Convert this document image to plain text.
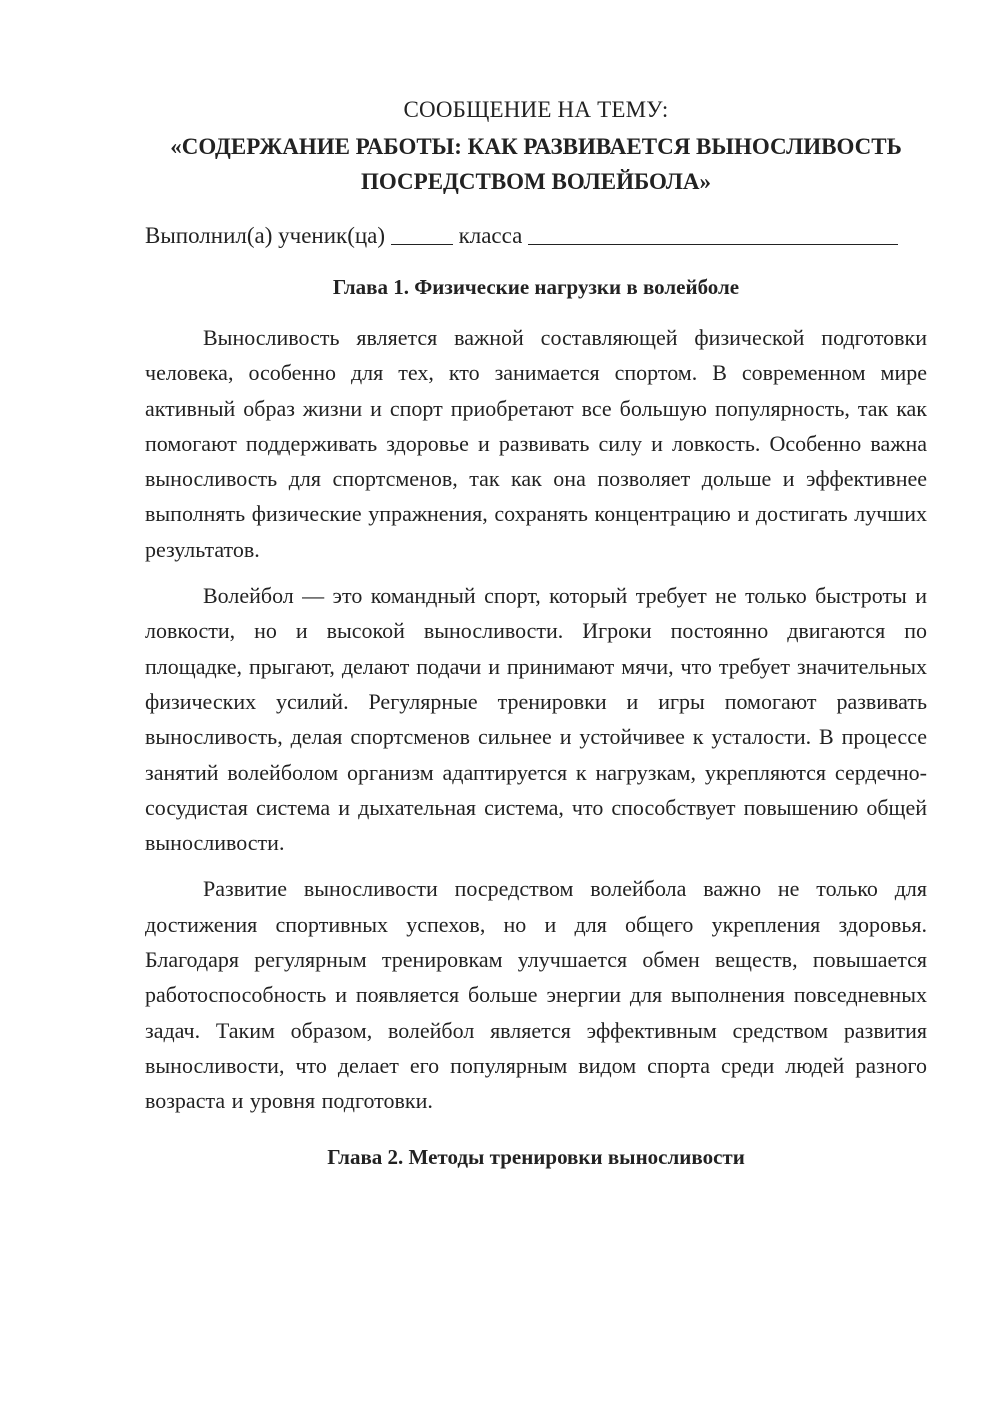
СООБЩЕНИЕ НА ТЕМУ:

«СОДЕРЖАНИЕ РАБОТЫ: КАК РАЗВИВАЕТСЯ ВЫНОСЛИВОСТЬ

ПОСРЕДСТВОМ ВОЛЕЙБОЛА»

Выполнил(а) ученик(ца)	класса

Глава 1. Физические нагрузки в волейболе

Выносливость является важной составляющей физической подготовки человека, особенно для тех, кто занимается спортом. В современном мире активный образ жизни и спорт приобретают все большую популярность, так как помогают поддерживать здоровье и развивать силу и ловкость. Особенно важна выносливость для спортсменов, так как она позволяет дольше и эффективнее выполнять физические упражнения, сохранять концентрацию и достигать лучших результатов.

Волейбол — это командный спорт, который требует не только быстроты и ловкости, но и высокой выносливости. Игроки постоянно двигаются по площадке, прыгают, делают подачи и принимают мячи, что требует значительных физических усилий. Регулярные тренировки и игры помогают развивать выносливость, делая спортсменов сильнее и устойчивее к усталости. В процессе занятий волейболом организм адаптируется к нагрузкам, укрепляются сердечно-сосудистая система и дыхательная система, что способствует повышению общей выносливости.

Развитие выносливости посредством волейбола важно не только для достижения спортивных успехов, но и для общего укрепления здоровья. Благодаря регулярным тренировкам улучшается обмен веществ, повышается работоспособность и появляется больше энергии для выполнения повседневных задач. Таким образом, волейбол является эффективным средством развития выносливости, что делает его популярным видом спорта среди людей разного возраста и уровня подготовки.

Глава 2. Методы тренировки выносливости
